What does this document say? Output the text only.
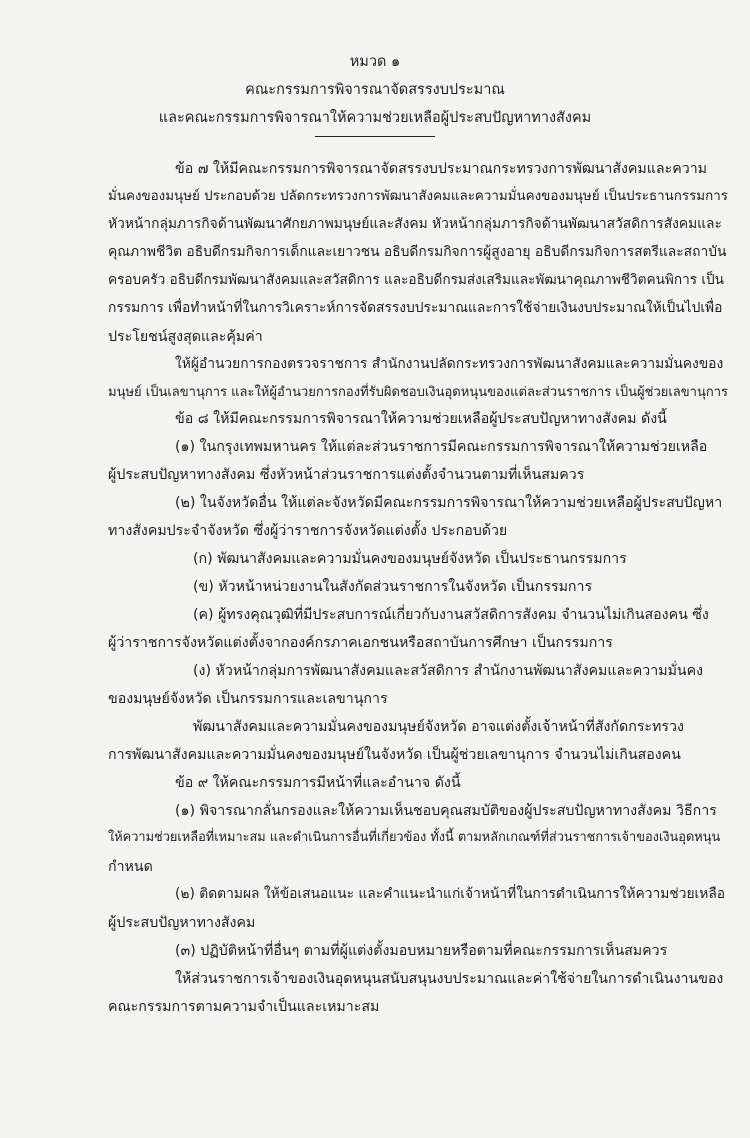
หมวด ๑
คณะกรรมการพิจารณาจัดสรรงบประมาณ
และคณะกรรมการพิจารณาให้ความช่วยเหลือผู้ประสบปัญหาทางสังคม
ข้อ ๗ ให้มีคณะกรรมการพิจารณาจัดสรรงบประมาณกระทรวงการพัฒนาสังคมและความ
มั่นคงของมนุษย์ ประกอบด้วย ปลัดกระทรวงการพัฒนาสังคมและความมั่นคงของมนุษย์ เป็นประธานกรรมการ
หัวหน้ากลุ่มภารกิจด้านพัฒนาศักยภาพมนุษย์และสังคม หัวหน้ากลุ่มภารกิจด้านพัฒนาสวัสดิการสังคมและ
คุณภาพชีวิต อธิบดีกรมกิจการเด็กและเยาวชน อธิบดีกรมกิจการผู้สูงอายุ อธิบดีกรมกิจการสตรีและสถาบัน
ครอบครัว อธิบดีกรมพัฒนาสังคมและสวัสดิการ และอธิบดีกรมส่งเสริมและพัฒนาคุณภาพชีวิตคนพิการ เป็น
กรรมการ เพื่อทำหน้าที่ในการวิเคราะห์การจัดสรรงบประมาณและการใช้จ่ายเงินงบประมาณให้เป็นไปเพื่อ
ประโยชน์สูงสุดและคุ้มค่า
ให้ผู้อำนวยการกองตรวจราชการ สำนักงานปลัดกระทรวงการพัฒนาสังคมและความมั่นคงของ
มนุษย์ เป็นเลขานุการ และให้ผู้อำนวยการกองที่รับผิดชอบเงินอุดหนุนของแต่ละส่วนราชการ เป็นผู้ช่วยเลขานุการ
ข้อ ๘ ให้มีคณะกรรมการพิจารณาให้ความช่วยเหลือผู้ประสบปัญหาทางสังคม ดังนี้
(๑) ในกรุงเทพมหานคร ให้แต่ละส่วนราชการมีคณะกรรมการพิจารณาให้ความช่วยเหลือ
ผู้ประสบปัญหาทางสังคม ซึ่งหัวหน้าส่วนราชการแต่งตั้งจำนวนตามที่เห็นสมควร
(๒) ในจังหวัดอื่น ให้แต่ละจังหวัดมีคณะกรรมการพิจารณาให้ความช่วยเหลือผู้ประสบปัญหา
ทางสังคมประจำจังหวัด ซึ่งผู้ว่าราชการจังหวัดแต่งตั้ง ประกอบด้วย
(ก) พัฒนาสังคมและความมั่นคงของมนุษย์จังหวัด เป็นประธานกรรมการ
(ข) หัวหน้าหน่วยงานในสังกัดส่วนราชการในจังหวัด เป็นกรรมการ
(ค) ผู้ทรงคุณวุฒิที่มีประสบการณ์เกี่ยวกับงานสวัสดิการสังคม จำนวนไม่เกินสองคน ซึ่ง
ผู้ว่าราชการจังหวัดแต่งตั้งจากองค์กรภาคเอกชนหรือสถาบันการศึกษา เป็นกรรมการ
(ง) หัวหน้ากลุ่มการพัฒนาสังคมและสวัสดิการ สำนักงานพัฒนาสังคมและความมั่นคง
ของมนุษย์จังหวัด เป็นกรรมการและเลขานุการ
พัฒนาสังคมและความมั่นคงของมนุษย์จังหวัด อาจแต่งตั้งเจ้าหน้าที่สังกัดกระทรวง
การพัฒนาสังคมและความมั่นคงของมนุษย์ในจังหวัด เป็นผู้ช่วยเลขานุการ จำนวนไม่เกินสองคน
ข้อ ๙ ให้คณะกรรมการมีหน้าที่และอำนาจ ดังนี้
(๑) พิจารณากลั่นกรองและให้ความเห็นชอบคุณสมบัติของผู้ประสบปัญหาทางสังคม วิธีการ
ให้ความช่วยเหลือที่เหมาะสม และดำเนินการอื่นที่เกี่ยวข้อง ทั้งนี้ ตามหลักเกณฑ์ที่ส่วนราชการเจ้าของเงินอุดหนุน
กำหนด
(๒) ติดตามผล ให้ข้อเสนอแนะ และคำแนะนำแก่เจ้าหน้าที่ในการดำเนินการให้ความช่วยเหลือ
ผู้ประสบปัญหาทางสังคม
(๓) ปฏิบัติหน้าที่อื่นๆ ตามที่ผู้แต่งตั้งมอบหมายหรือตามที่คณะกรรมการเห็นสมควร
ให้ส่วนราชการเจ้าของเงินอุดหนุนสนับสนุนงบประมาณและค่าใช้จ่ายในการดำเนินงานของ
คณะกรรมการตามความจำเป็นและเหมาะสม
